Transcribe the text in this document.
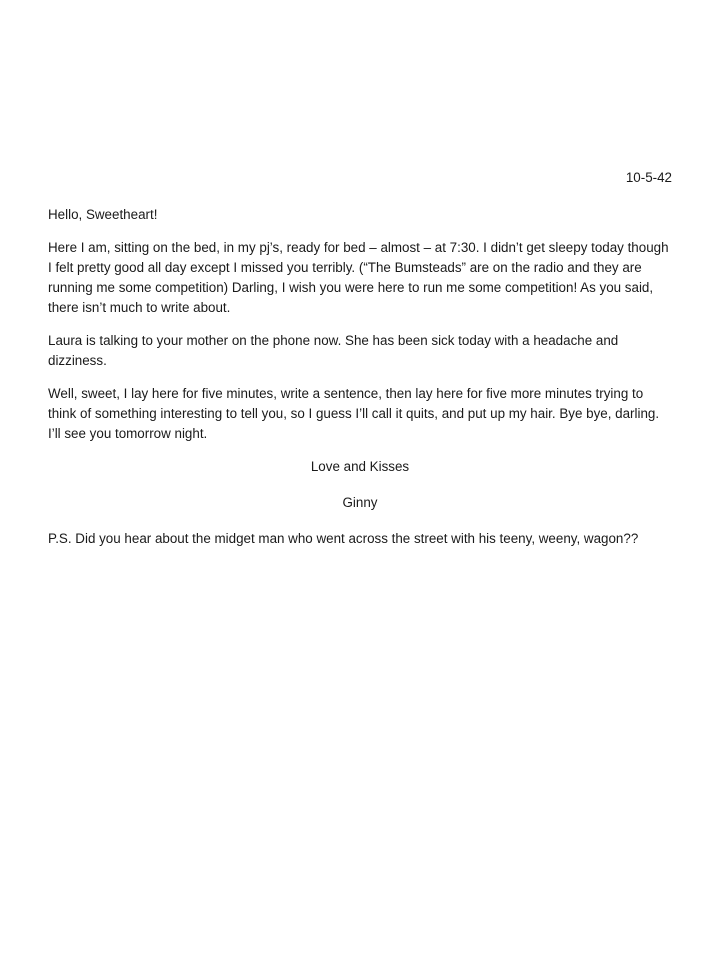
10-5-42

Hello, Sweetheart!

Here I am, sitting on the bed, in my pj’s, ready for bed – almost – at 7:30. I didn’t get sleepy today though I felt pretty good all day except I missed you terribly. (“The Bumsteads” are on the radio and they are running me some competition) Darling, I wish you were here to run me some competition! As you said, there isn’t much to write about.

Laura is talking to your mother on the phone now. She has been sick today with a headache and dizziness.

Well, sweet, I lay here for five minutes, write a sentence, then lay here for five more minutes trying to think of something interesting to tell you, so I guess I’ll call it quits, and put up my hair. Bye bye, darling. I’ll see you tomorrow night.

Love and Kisses
Ginny

P.S. Did you hear about the midget man who went across the street with his teeny, weeny, wagon??
